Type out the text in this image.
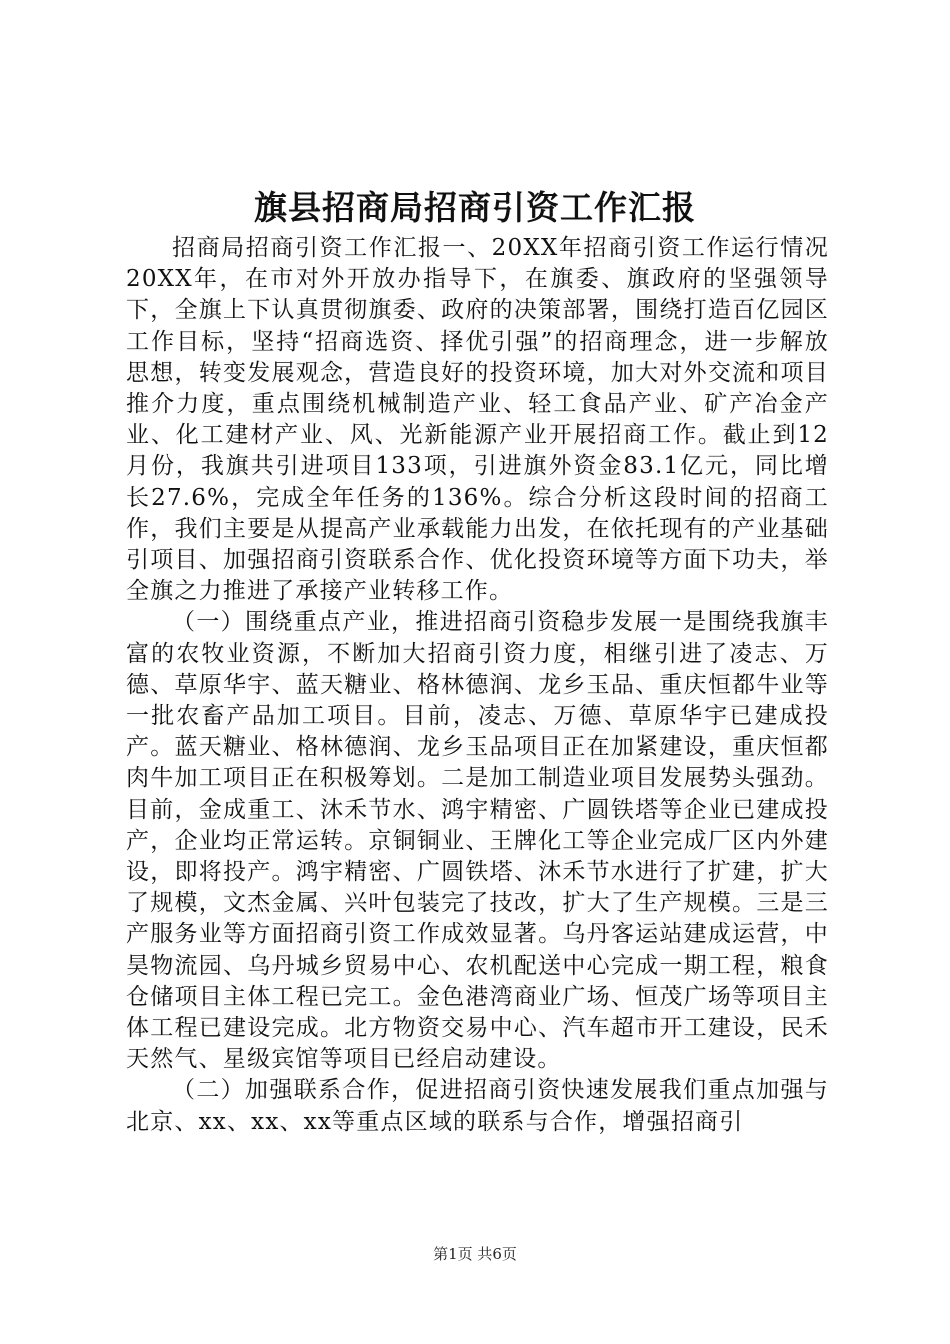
旗县招商局招商引资工作汇报

招商局招商引资工作汇报一、20XX年招商引资工作运行情况20XX年，在市对外开放办指导下，在旗委、旗政府的坚强领导下，全旗上下认真贯彻旗委、政府的决策部署，围绕打造百亿园区工作目标，坚持“招商选资、择优引强”的招商理念，进一步解放思想，转变发展观念，营造良好的投资环境，加大对外交流和项目推介力度，重点围绕机械制造产业、轻工食品产业、矿产冶金产业、化工建材产业、风、光新能源产业开展招商工作。截止到12月份，我旗共引进项目133项，引进旗外资金83.1亿元，同比增长27.6%，完成全年任务的136%。综合分析这段时间的招商工作，我们主要是从提高产业承载能力出发，在依托现有的产业基础引项目、加强招商引资联系合作、优化投资环境等方面下功夫，举全旗之力推进了承接产业转移工作。

（一）围绕重点产业，推进招商引资稳步发展一是围绕我旗丰富的农牧业资源，不断加大招商引资力度，相继引进了凌志、万德、草原华宇、蓝天糖业、格林德润、龙乡玉品、重庆恒都牛业等一批农畜产品加工项目。目前，凌志、万德、草原华宇已建成投产。蓝天糖业、格林德润、龙乡玉品项目正在加紧建设，重庆恒都肉牛加工项目正在积极筹划。二是加工制造业项目发展势头强劲。目前，金成重工、沐禾节水、鸿宇精密、广圆铁塔等企业已建成投产，企业均正常运转。京铜铜业、王牌化工等企业完成厂区内外建设，即将投产。鸿宇精密、广圆铁塔、沐禾节水进行了扩建，扩大了规模，文杰金属、兴叶包装完了技改，扩大了生产规模。三是三产服务业等方面招商引资工作成效显著。乌丹客运站建成运营，中昊物流园、乌丹城乡贸易中心、农机配送中心完成一期工程，粮食仓储项目主体工程已完工。金色港湾商业广场、恒茂广场等项目主体工程已建设完成。北方物资交易中心、汽车超市开工建设，民禾天然气、星级宾馆等项目已经启动建设。

（二）加强联系合作，促进招商引资快速发展我们重点加强与北京、xx、xx、xx等重点区域的联系与合作，增强招商引

第1页 共6页
